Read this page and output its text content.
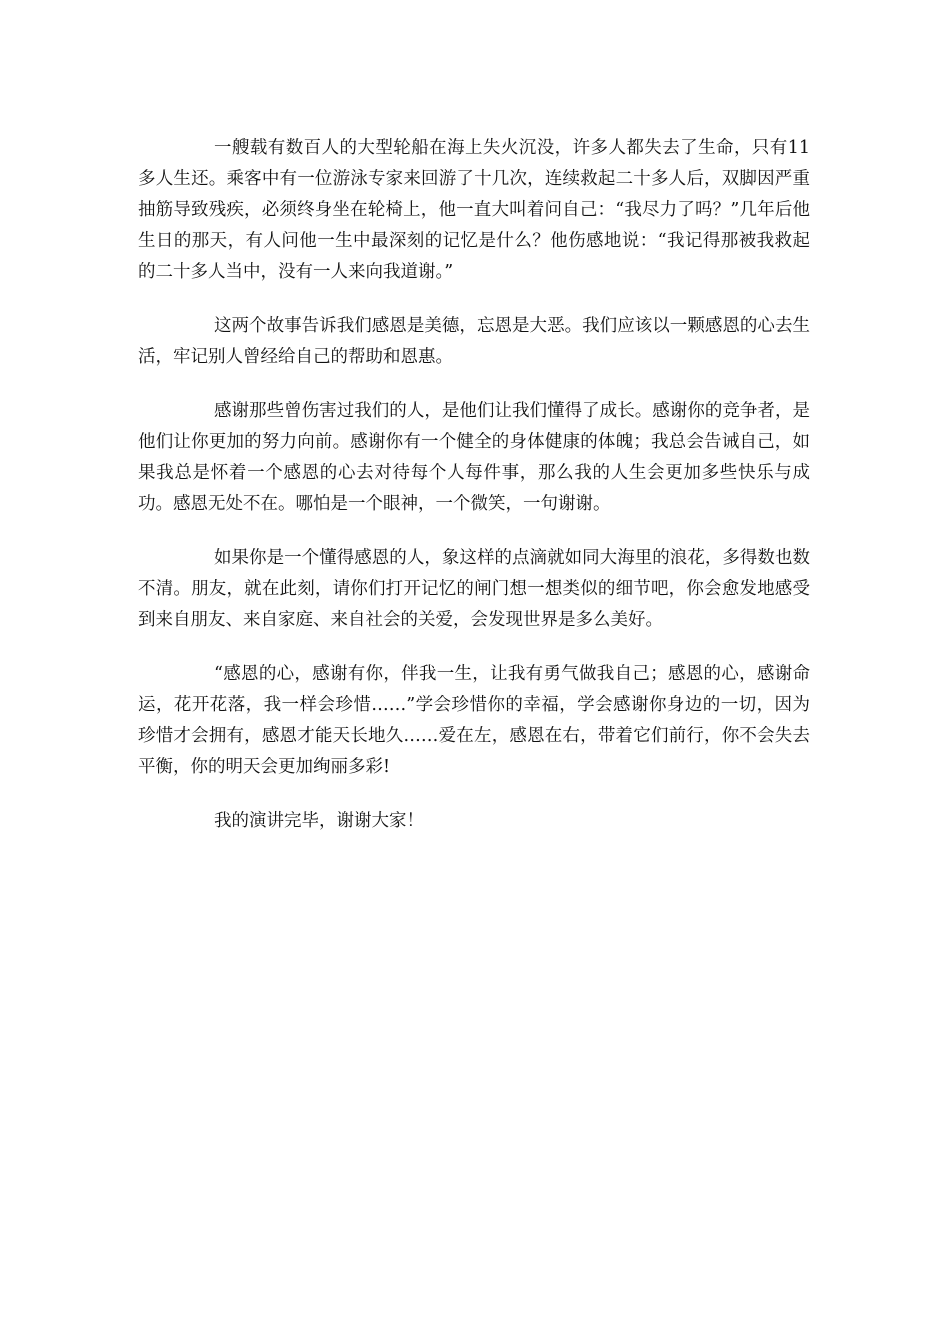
一艘载有数百人的大型轮船在海上失火沉没，许多人都失去了生命，只有11多人生还。乘客中有一位游泳专家来回游了十几次，连续救起二十多人后，双脚因严重抽筋导致残疾，必须终身坐在轮椅上，他一直大叫着问自己：“我尽力了吗？”几年后他生日的那天，有人问他一生中最深刻的记忆是什么？他伤感地说：“我记得那被我救起的二十多人当中，没有一人来向我道谢。”

这两个故事告诉我们感恩是美德，忘恩是大恶。我们应该以一颗感恩的心去生活，牢记别人曾经给自己的帮助和恩惠。

感谢那些曾伤害过我们的人，是他们让我们懂得了成长。感谢你的竞争者，是他们让你更加的努力向前。感谢你有一个健全的身体健康的体魄；我总会告诫自己，如果我总是怀着一个感恩的心去对待每个人每件事，那么我的人生会更加多些快乐与成功。感恩无处不在。哪怕是一个眼神，一个微笑，一句谢谢。

如果你是一个懂得感恩的人，象这样的点滴就如同大海里的浪花，多得数也数不清。朋友，就在此刻，请你们打开记忆的闸门想一想类似的细节吧，你会愈发地感受到来自朋友、来自家庭、来自社会的关爱，会发现世界是多么美好。

“感恩的心，感谢有你，伴我一生，让我有勇气做我自己；感恩的心，感谢命运，花开花落，我一样会珍惜……”学会珍惜你的幸福，学会感谢你身边的一切，因为珍惜才会拥有，感恩才能天长地久……爱在左，感恩在右，带着它们前行，你不会失去平衡，你的明天会更加绚丽多彩!

我的演讲完毕，谢谢大家！
